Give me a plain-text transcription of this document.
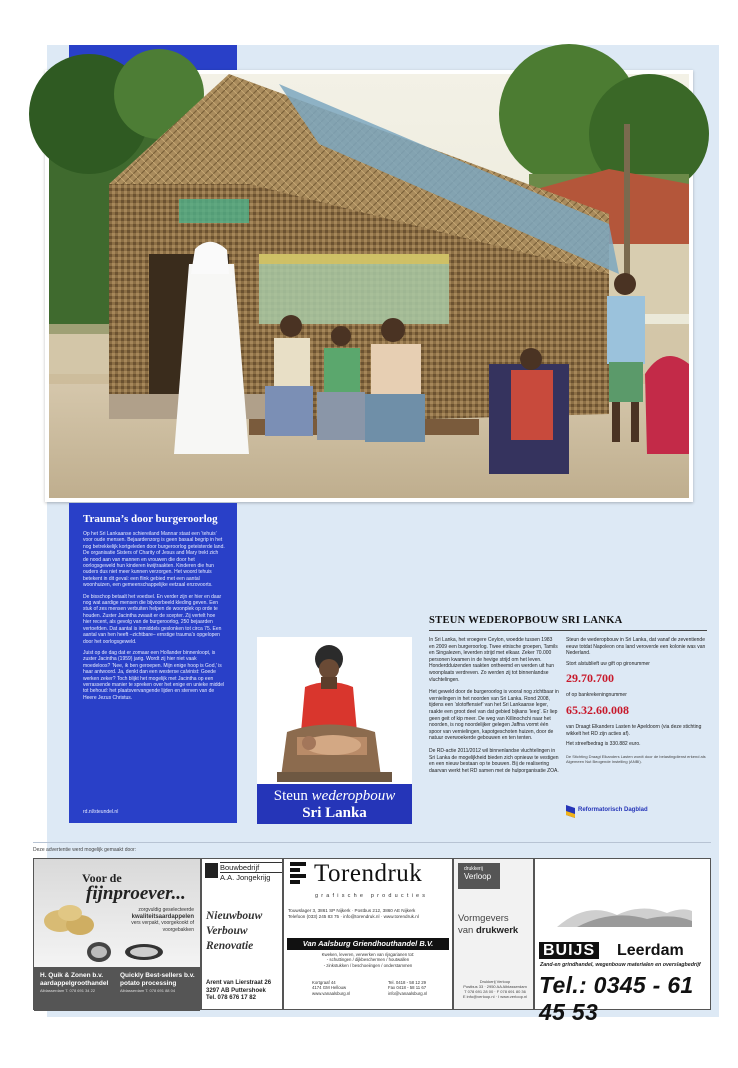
Trauma’s door burgeroorlog

Op het Sri Lankaanse schiereiland Mannar staat een ‘tehuis’ voor oude mensen. Bejaardenzorg is geen basaal begrip in het nog betrekkelijk kortgeleden door burgeroorlog geteisterde land. De organisatie Sisters of Charity of Jesus and Mary trekt zich de nood aan van mannen en vrouwen die door het oorlogsgeweld hun kinderen kwijtraakten. Kinderen die hun ouders dus niet meer kunnen verzorgen. Het woord tehuis betekent in dit geval: een flink gebied met een aantal woonhuizen, een gemeenschappelijke eetzaal enzovoorts.

De bisschop betaalt het voedsel. En verder zijn er hier en daar nog wat aardige mensen die bijvoorbeeld kleding geven. Een stuk of zes mensen verbuiten helpen de woonplek op orde te houden. Zuster Jacintha zwaait er de scepter. Zij vertelt hoe hier recent, als gevolg van de burgeroorlog, 250 bejaarden vertoefden. Dat aantal is inmiddels geslonken tot circa 75. Een aantal van hen heeft –zichtbare– ernstige trauma’s opgelopen door het oorlogsgeweld.

Juist op de dag dat er zomaar een Hollander binnenloopt, is zuster Jacintha (1959) jarig. Wordt zij hier niet vaak moedeloos? ‘Nee, ik ben geroepen. Mijn enige hoop is God,’ is haar antwoord. Ja, denkt dan een westerse calvinist: Goede werken zeker? Toch blijkt het mogelijk met Jacintha op een verrassende manier te spreken over het enige en unieke middel tot behoud: het plaatsvervangende lijden en sterven van de Heere Jezus Christus.

rd.nl/steundel.nl
Steun wederopbouw
Sri Lanka
STEUN WEDEROPBOUW SRI LANKA

In Sri Lanka, het vroegere Ceylon, woedde tussen 1983 en 2009 een burgeroorlog. Twee etnische groepen, Tamils en Singalezen, leverden strijd met elkaar. Zeker 70.000 personen kwamen in de hevige strijd om het leven. Honderdduizenden raakten ontheemd en werden uit hun woonplaats verdreven. Zo werden zij tot binnenlandse vluchtelingen.

Het geweld door de burgeroorlog is vooral nog zichtbaar in vernielingen in het noorden van Sri Lanka. Rond 2008, tijdens een ‘slotoffensief’ van het Sri Lankaanse leger, raakte een groot deel van dat gebied bijkans ‘leeg’. Er liep geen geit of kip meer. De weg van Killinochchi naar het noorden, is nog noordelijker gelegen Jaffna vormt één spoor van vernielingen, kapotgeschoten huizen, door de natuur overwoekerde gebouwen en ten tenten.

De RD-actie 2011/2012 wil binnenlandse vluchtelingen in Sri Lanka de mogelijkheid bieden zich opnieuw te vestigen en een nieuw bestaan op te bouwen. Bij de realisering daarvan werkt het RD samen met de hulporganisatie ZOA.

Steun de wederopbouw in Sri Lanka, dat vanaf de zeventiende eeuw totdat Napoleon ons land veroverde een kolonie was van Nederland.

Stort alstublieft uw gift op gironummer

29.70.700

of op bankrekeningnummer

65.32.60.008

van Draagt Elkanders Lasten te Apeldoorn (via deze stichting wikkelt het RD zijn acties af).

Het streefbedrag is 330.882 euro.

De Stichting Draagt Elkanders Lasten wordt door de belastingdienst erkend als Algemeen Nut Beogende Instelling (ANBI).

Reformatorisch Dagblad
Deze advertentie werd mogelijk gemaakt door:
Voor de
fijnproever...
zorgvuldig geselecteerde
kwaliteitsaardappelen
vers verpakt, voorgekookt of
voorgebakken
H. Quik & Zonen b.v.
aardappelgroothandel
Alblasserdam T. 078 691 34 22
Quickly Best-sellers b.v.
potato processing
Alblasserdam T. 078 691 88 04
Bouwbedrijf
A.A. Jongekrijg
Nieuwbouw
Verbouw
Renovatie
Arent van Lierstraat 26
3297 AB Puttershoek
Tel. 078 676 17 82
Torendruk
grafische producties
Touwslager 3, 3861 SP Nijkerk · Postbus 212, 3860 AE Nijkerk
Telefoon (033) 245 83 75 · info@torendruk.nl · www.torendruk.nl
Van Aalsburg Griendhouthandel B.V.
Kweken, leveren, verwerken van rijsgarianen tot:
- schuttingen / dijkbeschermen / houtwallen
- zinkstukken / beschoeiingen / onderstammen
Kortgraaf 44
4174 GM Hellouw
www.vanaalsburg.nl
Tel. 0418 - 58 12 29
Fax 0418 - 58 11 67
info@vanaalsburg.nl
drukkerij
Verloop
Vormgevers
van drukwerk
Drukkerij Verloop
Postbus 33 · 2950 AA Alblasserdam
T 078 691 28 00 · F 078 691 80 36
E info@verloop.nl · I www.verloop.nl
BUIJS Leerdam
Zand-en grindhandel, wegenbouw materialen en overslagbedrijf
Tel.: 0345 - 61 45 53
